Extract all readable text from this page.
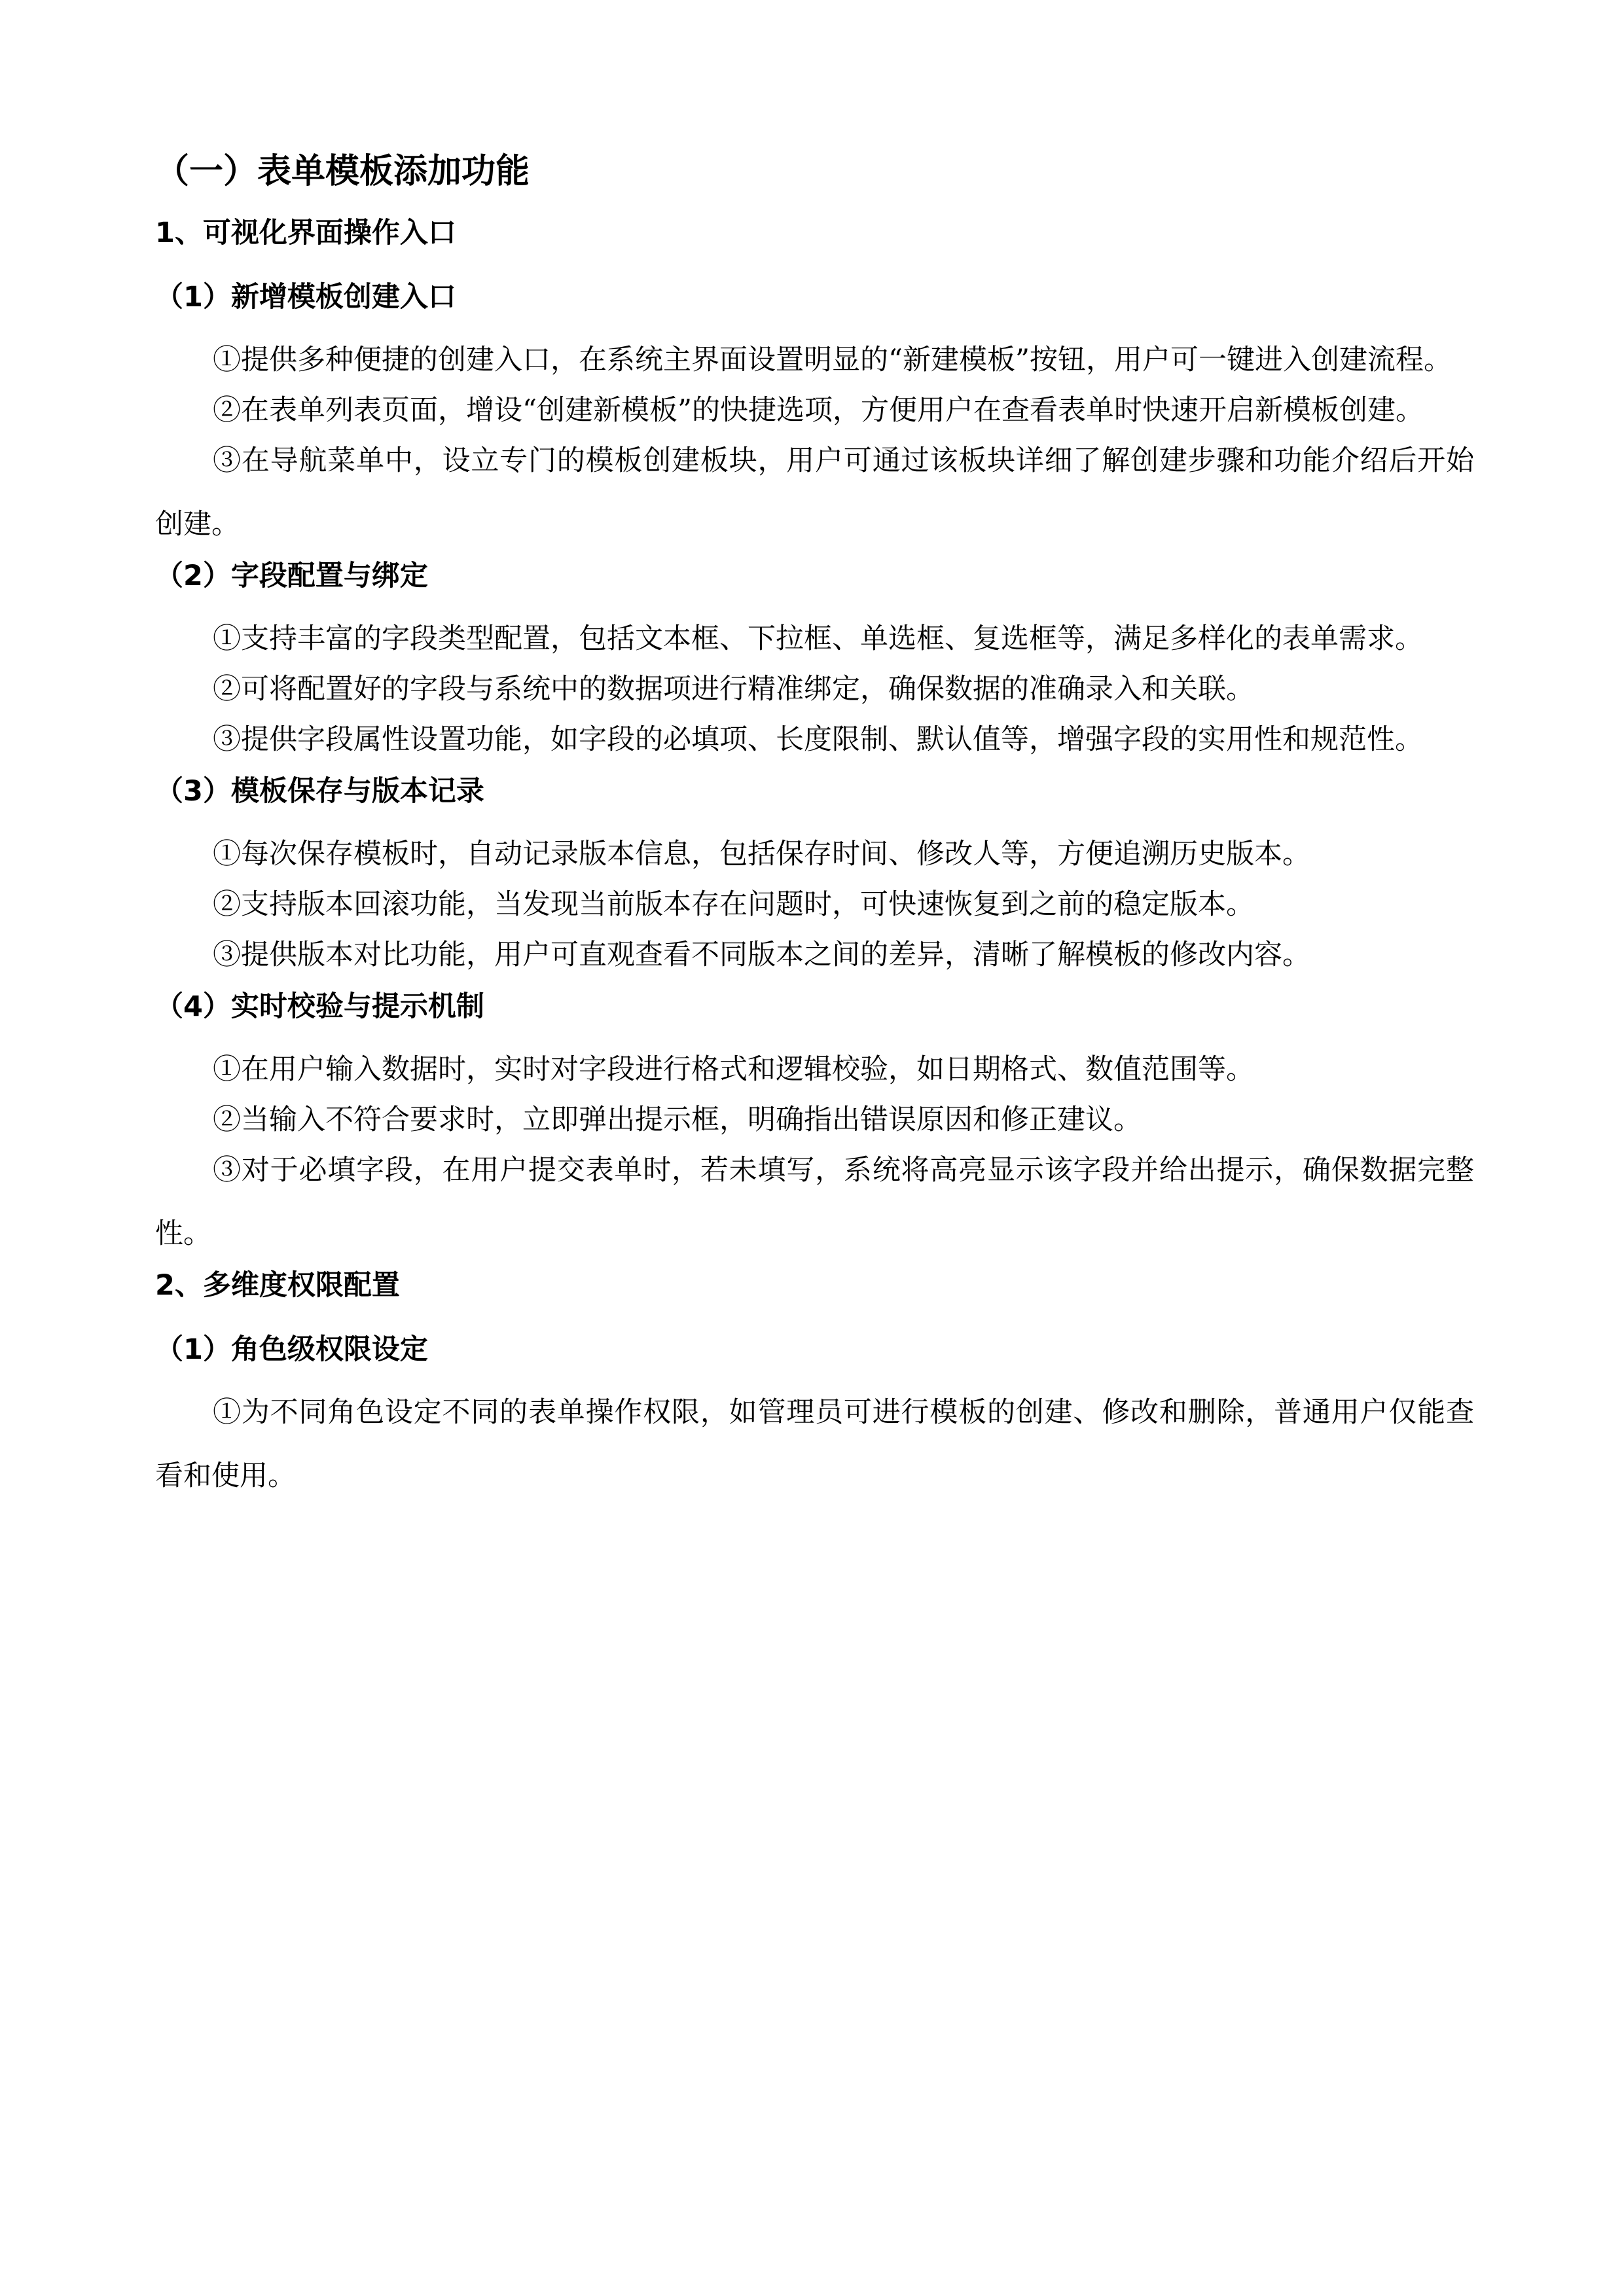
（一）表单模板添加功能
1、可视化界面操作入口
（1）新增模板创建入口

①提供多种便捷的创建入口，在系统主界面设置明显的“新建模板”按钮，用户可一键进入创建流程。

②在表单列表页面，增设“创建新模板”的快捷选项，方便用户在查看表单时快速开启新模板创建。

③在导航菜单中，设立专门的模板创建板块，用户可通过该板块详细了解创建步骤和功能介绍后开始创建。

（2）字段配置与绑定

①支持丰富的字段类型配置，包括文本框、下拉框、单选框、复选框等，满足多样化的表单需求。

②可将配置好的字段与系统中的数据项进行精准绑定，确保数据的准确录入和关联。

③提供字段属性设置功能，如字段的必填项、长度限制、默认值等，增强字段的实用性和规范性。

（3）模板保存与版本记录

①每次保存模板时，自动记录版本信息，包括保存时间、修改人等，方便追溯历史版本。

②支持版本回滚功能，当发现当前版本存在问题时，可快速恢复到之前的稳定版本。

③提供版本对比功能，用户可直观查看不同版本之间的差异，清晰了解模板的修改内容。

（4）实时校验与提示机制

①在用户输入数据时，实时对字段进行格式和逻辑校验，如日期格式、数值范围等。

②当输入不符合要求时，立即弹出提示框，明确指出错误原因和修正建议。

③对于必填字段，在用户提交表单时，若未填写，系统将高亮显示该字段并给出提示，确保数据完整性。

2、多维度权限配置
（1）角色级权限设定

①为不同角色设定不同的表单操作权限，如管理员可进行模板的创建、修改和删除，普通用户仅能查看和使用。
